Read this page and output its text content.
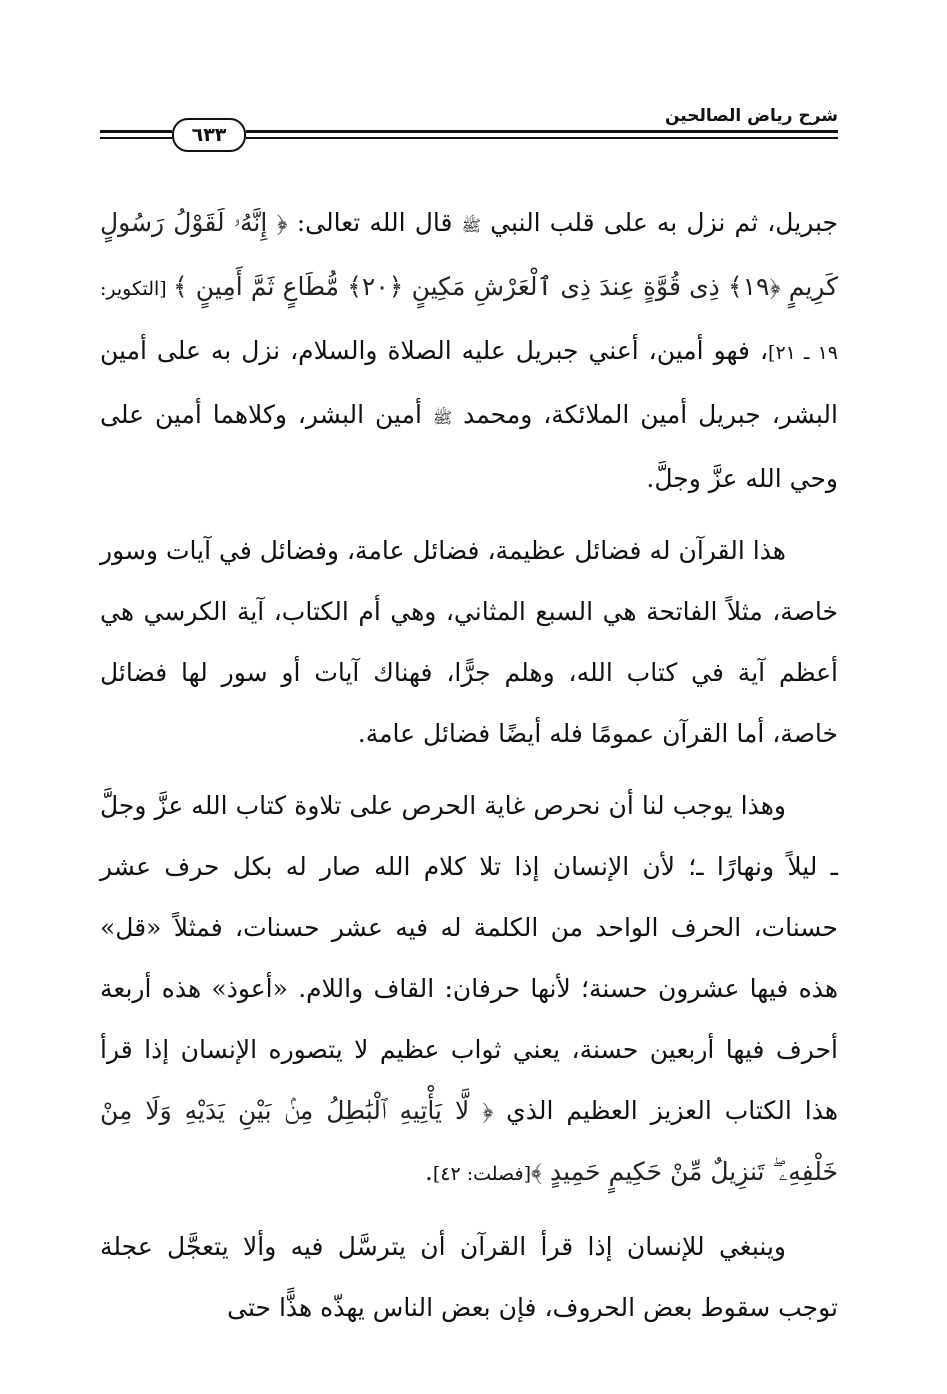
شرح رياض الصالحين
٦٣٣

جبريل، ثم نزل به على قلب النبي ﷺ قال الله تعالى: ﴿ إِنَّهُۥ لَقَوْلُ رَسُولٍ كَرِيمٍ ﴿١٩﴾ ذِى قُوَّةٍ عِندَ ذِى ٱلْعَرْشِ مَكِينٍ ﴿٢٠﴾ مُّطَاعٍ ثَمَّ أَمِينٍ ﴾ [التكوير: ١٩ ـ ٢١]، فهو أمين، أعني جبريل عليه الصلاة والسلام، نزل به على أمين البشر، جبريل أمين الملائكة، ومحمد ﷺ أمين البشر، وكلاهما أمين على وحي الله عزَّ وجلَّ.

هذا القرآن له فضائل عظيمة، فضائل عامة، وفضائل في آيات وسور خاصة، مثلاً الفاتحة هي السبع المثاني، وهي أم الكتاب، آية الكرسي هي أعظم آية في كتاب الله، وهلم جرًّا، فهناك آيات أو سور لها فضائل خاصة، أما القرآن عمومًا فله أيضًا فضائل عامة.

وهذا يوجب لنا أن نحرص غاية الحرص على تلاوة كتاب الله عزَّ وجلَّ ـ ليلاً ونهارًا ـ؛ لأن الإنسان إذا تلا كلام الله صار له بكل حرف عشر حسنات، الحرف الواحد من الكلمة له فيه عشر حسنات، فمثلاً «قل» هذه فيها عشرون حسنة؛ لأنها حرفان: القاف واللام. «أعوذ» هذه أربعة أحرف فيها أربعين حسنة، يعني ثواب عظيم لا يتصوره الإنسان إذا قرأ هذا الكتاب العزيز العظيم الذي ﴿ لَّا يَأْتِيهِ ٱلْبَٰطِلُ مِنۢ بَيْنِ يَدَيْهِ وَلَا مِنْ خَلْفِهِۦ ۖ تَنزِيلٌ مِّنْ حَكِيمٍ حَمِيدٍ ﴾[فصلت: ٤٢].

وينبغي للإنسان إذا قرأ القرآن أن يترسَّل فيه وألا يتعجَّل عجلة توجب سقوط بعض الحروف، فإن بعض الناس يهذّه هذًّا حتى
